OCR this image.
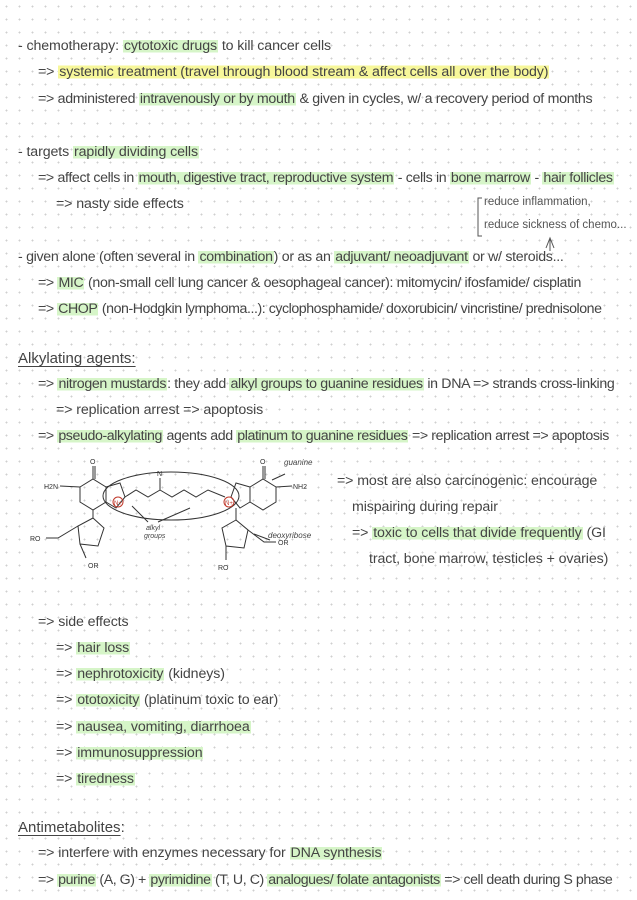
- chemotherapy: cytotoxic drugs to kill cancer cells
=> systemic treatment (travel through blood stream & affect cells all over the body)
=> administered intravenously or by mouth & given in cycles, w/ a recovery period of months
- targets rapidly dividing cells
=> affect cells in mouth, digestive tract, reproductive system - cells in bone marrow - hair follicles
=> nasty side effects	reduce inflammation,
reduce sickness of chemo...
- given alone (often several in combination) or as an adjuvant/ neoadjuvant or w/ steroids...
=> MIC (non-small cell lung cancer & oesophageal cancer): mitomycin/ ifosfamide/ cisplatin
=> CHOP (non-Hodgkin lymphoma...): cyclophosphamide/ doxorubicin/ vincristine/ prednisolone
Alkylating agents:
=> nitrogen mustards: they add alkyl groups to guanine residues in DNA => strands cross-linking
=> replication arrest => apoptosis
=> pseudo-alkylating agents add platinum to guanine residues => replication arrest => apoptosis
H2N
O	O
NH2
N+	N+
N
RO
OR
OR
RO
guanine
deoxyribose
alkyl
groups
=> most are also carcinogenic: encourage
mispairing during repair
=> toxic to cells that divide frequently (GI
tract, bone marrow, testicles + ovaries)
=> side effects
=> hair loss
=> nephrotoxicity (kidneys)
=> ototoxicity (platinum toxic to ear)
=> nausea, vomiting, diarrhoea
=> immunosuppression
=> tiredness
Antimetabolites:
=> interfere with enzymes necessary for DNA synthesis
=> purine (A, G) + pyrimidine (T, U, C) analogues/ folate antagonists => cell death during S phase
